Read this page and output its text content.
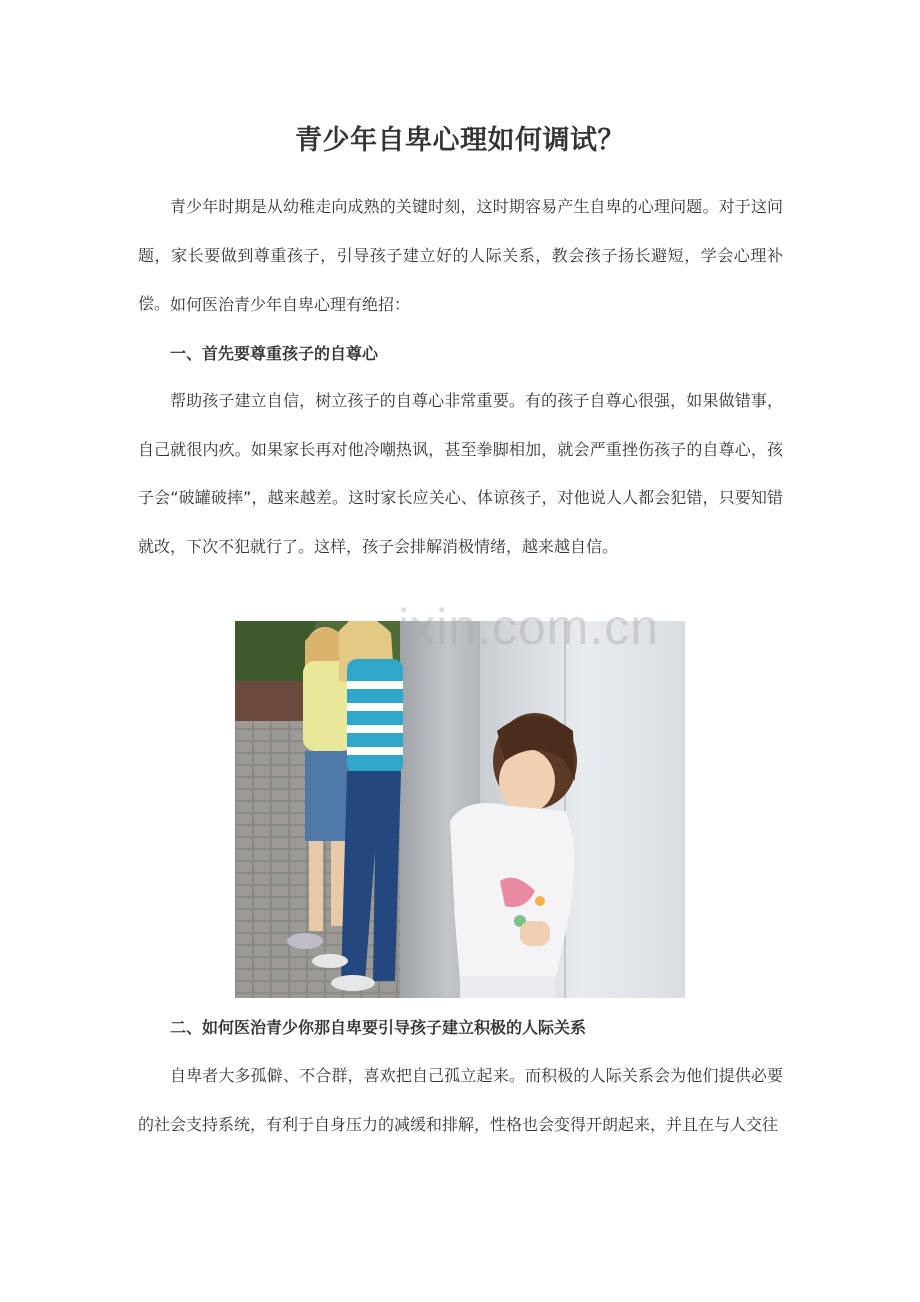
青少年自卑心理如何调试？

青少年时期是从幼稚走向成熟的关键时刻，这时期容易产生自卑的心理问题。对于这问题，家长要做到尊重孩子，引导孩子建立好的人际关系，教会孩子扬长避短，学会心理补偿。 如何医治青少年自卑心理有绝招：

一、首先要尊重孩子的自尊心

帮助孩子建立自信，树立孩子的自尊心非常重要。有的孩子自尊心很强，如果做错事，自己就很内疚。如果家长再对他冷嘲热讽，甚至拳脚相加，就会严重挫伤孩子的自尊心，孩子会“破罐破摔”，越来越差。这时家长应关心、体谅孩子，对他说人人都会犯错，只要知错就改，下次不犯就行了。这样，孩子会排解消极情绪，越来越自信。

ixin.com.cn
二、如何医治青少你那自卑要引导孩子建立积极的人际关系

自卑者大多孤僻、不合群，喜欢把自己孤立起来。而积极的人际关系会为他们提供必要的社会支持系统，有利于自身压力的减缓和排解，性格也会变得开朗起来，并且在与人交往
